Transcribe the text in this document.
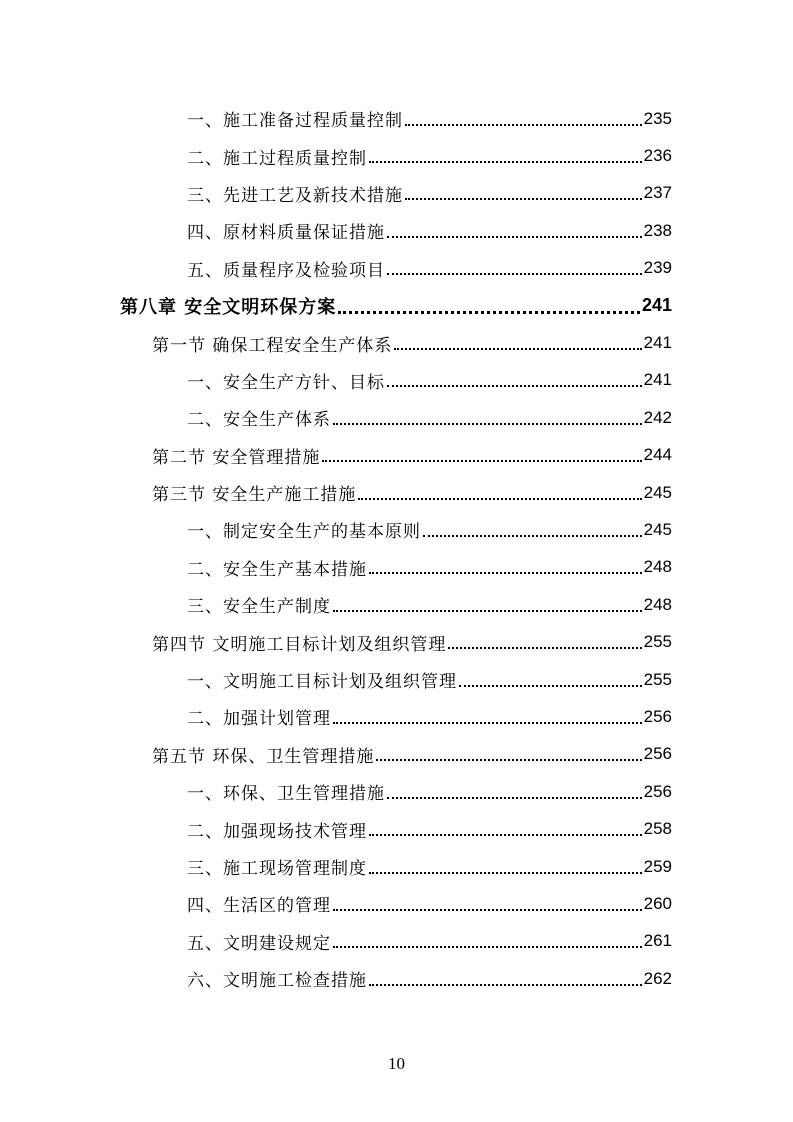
一、施工准备过程质量控制	235
二、施工过程质量控制	236
三、先进工艺及新技术措施	237
四、原材料质量保证措施	238
五、质量程序及检验项目	239
第八章 安全文明环保方案	241
第一节 确保工程安全生产体系	241
一、安全生产方针、目标	241
二、安全生产体系	242
第二节 安全管理措施	244
第三节 安全生产施工措施	245
一、制定安全生产的基本原则	245
二、安全生产基本措施	248
三、安全生产制度	248
第四节 文明施工目标计划及组织管理	255
一、文明施工目标计划及组织管理	255
二、加强计划管理	256
第五节 环保、卫生管理措施	256
一、环保、卫生管理措施	256
二、加强现场技术管理	258
三、施工现场管理制度	259
四、生活区的管理	260
五、文明建设规定	261
六、文明施工检查措施	262
10
